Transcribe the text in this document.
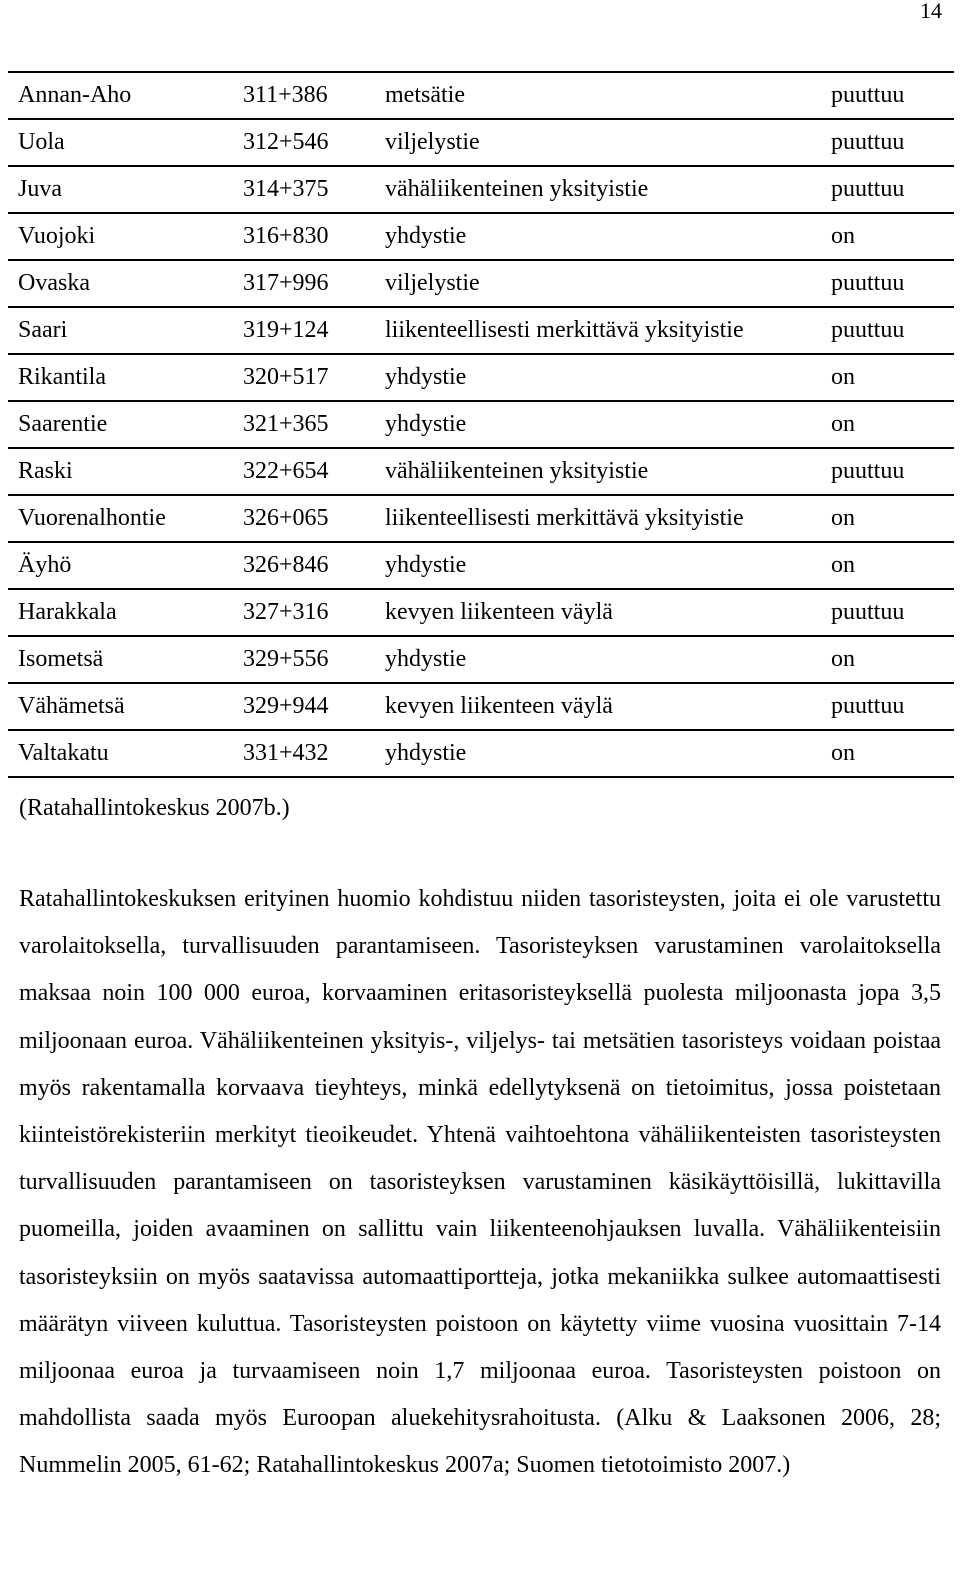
14
Annan-Aho	311+386	metsätie	puuttuu
Uola	312+546	viljelystie	puuttuu
Juva	314+375	vähäliikenteinen yksityistie	puuttuu
Vuojoki	316+830	yhdystie	on
Ovaska	317+996	viljelystie	puuttuu
Saari	319+124	liikenteellisesti merkittävä yksityistie	puuttuu
Rikantila	320+517	yhdystie	on
Saarentie	321+365	yhdystie	on
Raski	322+654	vähäliikenteinen yksityistie	puuttuu
Vuorenalhontie	326+065	liikenteellisesti merkittävä yksityistie	on
Äyhö	326+846	yhdystie	on
Harakkala	327+316	kevyen liikenteen väylä	puuttuu
Isometsä	329+556	yhdystie	on
Vähämetsä	329+944	kevyen liikenteen väylä	puuttuu
Valtakatu	331+432	yhdystie	on

(Ratahallintokeskus 2007b.)

Ratahallintokeskuksen erityinen huomio kohdistuu niiden tasoristeysten, joita ei ole varustettu varolaitoksella, turvallisuuden parantamiseen. Tasoristeyksen varustaminen varolaitoksella maksaa noin 100 000 euroa, korvaaminen eritasoristeyksellä puolesta miljoonasta jopa 3,5 miljoonaan euroa. Vähäliikenteinen yksityis-, viljelys- tai metsätien tasoristeys voidaan poistaa myös rakentamalla korvaava tieyhteys, minkä edellytyksenä on tietoimitus, jossa poistetaan kiinteistörekisteriin merkityt tieoikeudet. Yhtenä vaihtoehtona vähäliikenteisten tasoristeysten turvallisuuden parantamiseen on tasoristeyksen varustaminen käsikäyttöisillä, lukittavilla puomeilla, joiden avaaminen on sallittu vain liikenteenohjauksen luvalla. Vähäliikenteisiin tasoristeyksiin on myös saatavissa automaattiportteja, jotka mekaniikka sulkee automaattisesti määrätyn viiveen kuluttua. Tasoristeysten poistoon on käytetty viime vuosina vuosittain 7-14 miljoonaa euroa ja turvaamiseen noin 1,7 miljoonaa euroa. Tasoristeysten poistoon on mahdollista saada myös Euroopan aluekehitysrahoitusta. (Alku & Laaksonen 2006, 28; Nummelin 2005, 61-62; Ratahallintokeskus 2007a; Suomen tietotoimisto 2007.)
